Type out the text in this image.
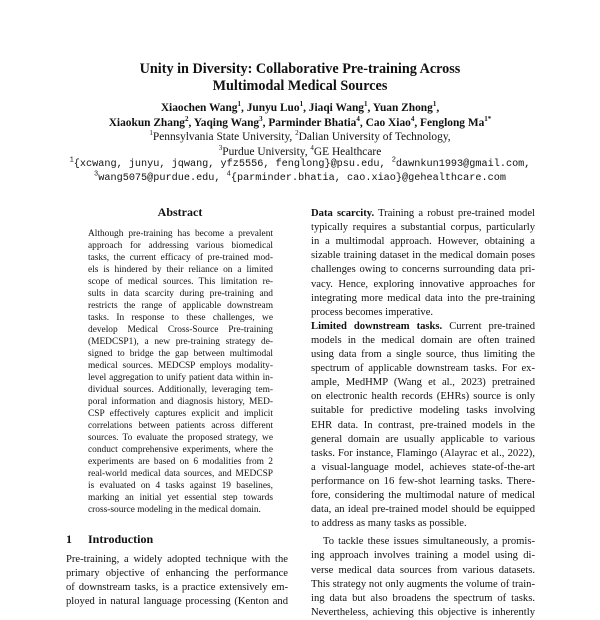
Unity in Diversity: Collaborative Pre-training Across
Multimodal Medical Sources
Xiaochen Wang$^1$, Junyu Luo$^1$, Jiaqi Wang$^1$, Yuan Zhong$^1$,
Xiaokun Zhang$^2$, Yaqing Wang$^3$, Parminder Bhatia$^4$, Cao Xiao$^4$, Fenglong $Ma^{1*}$
$^1$Pennsylvania State University, $^2$Dalian University of Technology,
$^3$Purdue University, $^4$GE Healthcare
$^1${xcwang, junyu, jqwang, yfz5556, fenglong}@psu.edu, $^2$dawnkun1993@gmail.com,
$^3$wang5075@purdue.edu, $^4${parminder.bhatia, cao.xiao}@gehealthcare.com
Abstract
Although pre-training has become a prevalent
approach for addressing various biomedical
tasks, the current efficacy of pre-trained mod-
els is hindered by their reliance on a limited
scope of medical sources. This limitation re-
sults in data scarcity during pre-training and
restricts the range of applicable downstream
tasks. In response to these challenges, we
develop Medical Cross-Source Pre-training
(MEDCSP1), a new pre-training strategy de-
signed to bridge the gap between multimodal
medical sources. MEDCSP employs modality-
level aggregation to unify patient data within in-
dividual sources. Additionally, leveraging tem-
poral information and diagnosis history, MED-
CSP effectively captures explicit and implicit
correlations between patients across different
sources. To evaluate the proposed strategy, we
conduct comprehensive experiments, where the
experiments are based on 6 modalities from 2
real-world medical data sources, and MEDCSP
is evaluated on 4 tasks against 19 baselines,
marking an initial yet essential step towards
cross-source modeling in the medical domain.
1 Introduction
Pre-training, a widely adopted technique with the
primary objective of enhancing the performance
of downstream tasks, is a practice extensively em-
ployed in natural language processing (Kenton and
Data scarcity. Training a robust pre-trained model
typically requires a substantial corpus, particularly
in a multimodal approach. However, obtaining a
sizable training dataset in the medical domain poses
challenges owing to concerns surrounding data pri-
vacy. Hence, exploring innovative approaches for
integrating more medical data into the pre-training
process becomes imperative.
Limited downstream tasks. Current pre-trained
models in the medical domain are often trained
using data from a single source, thus limiting the
spectrum of applicable downstream tasks. For ex-
ample, MedHMP (Wang et al., 2023) pretrained
on electronic health records (EHRs) source is only
suitable for predictive modeling tasks involving
EHR data. In contrast, pre-trained models in the
general domain are usually applicable to various
tasks. For instance, Flamingo (Alayrac et al., 2022),
a visual-language model, achieves state-of-the-art
performance on 16 few-shot learning tasks. There-
fore, considering the multimodal nature of medical
data, an ideal pre-trained model should be equipped
to address as many tasks as possible.
To tackle these issues simultaneously, a promis-
ing approach involves training a model using di-
verse medical data sources from various datasets.
This strategy not only augments the volume of train-
ing data but also broadens the spectrum of tasks.
Nevertheless, achieving this objective is inherently
